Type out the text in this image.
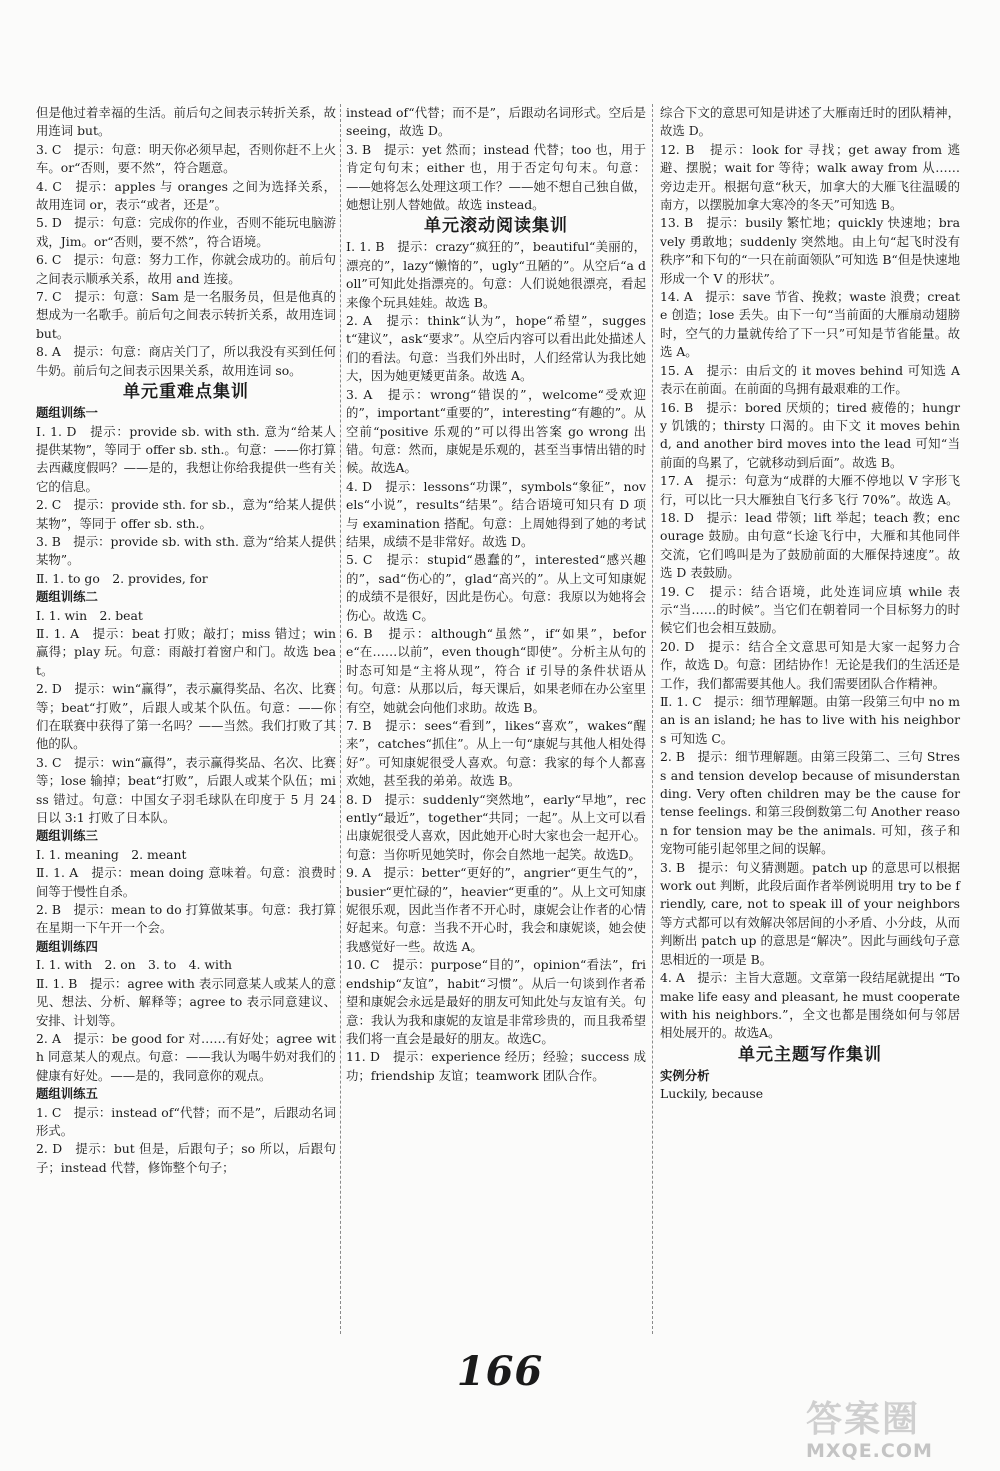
但是他过着幸福的生活。前后句之间表示转折关系，故用连词 but。

3. C　提示：句意：明天你必须早起，否则你赶不上火车。or“否则，要不然”，符合题意。

4. C　提示：apples 与 oranges 之间为选择关系，故用连词 or，表示“或者，还是”。

5. D　提示：句意：完成你的作业，否则不能玩电脑游戏，Jim。or“否则，要不然”，符合语境。

6. C　提示：句意：努力工作，你就会成功的。前后句之间表示顺承关系，故用 and 连接。

7. C　提示：句意：Sam 是一名服务员，但是他真的想成为一名歌手。前后句之间表示转折关系，故用连词 but。

8. A　提示：句意：商店关门了，所以我没有买到任何牛奶。前后句之间表示因果关系，故用连词 so。

单元重难点集训
题组训练一

Ⅰ. 1. D　提示：provide sb. with sth. 意为“给某人提供某物”，等同于 offer sb. sth.。句意：——你打算去西藏度假吗？——是的，我想让你给我提供一些有关它的信息。

2. C　提示：provide sth. for sb.，意为“给某人提供某物”，等同于 offer sb. sth.。

3. B　提示：provide sb. with sth. 意为“给某人提供某物”。

Ⅱ. 1. to go　2. provides, for

题组训练二

Ⅰ. 1. win　2. beat

Ⅱ. 1. A　提示：beat 打败；敲打；miss 错过；win 赢得；play 玩。句意：雨敲打着窗户和门。故选 beat。

2. D　提示：win“赢得”，表示赢得奖品、名次、比赛等；beat“打败”，后跟人或某个队伍。句意：——你们在联赛中获得了第一名吗？——当然。我们打败了其他的队。

3. C　提示：win“赢得”，表示赢得奖品、名次、比赛等；lose 输掉；beat“打败”，后跟人或某个队伍；miss 错过。句意：中国女子羽毛球队在印度于 5 月 24 日以 3:1 打败了日本队。

题组训练三

Ⅰ. 1. meaning　2. meant

Ⅱ. 1. A　提示：mean doing 意味着。句意：浪费时间等于慢性自杀。

2. B　提示：mean to do 打算做某事。句意：我打算在星期一下午开一个会。

题组训练四

Ⅰ. 1. with　2. on　3. to　4. with

Ⅱ. 1. B　提示：agree with 表示同意某人或某人的意见、想法、分析、解释等；agree to 表示同意建议、安排、计划等。

2. A　提示：be good for 对……有好处；agree with 同意某人的观点。句意：——我认为喝牛奶对我们的健康有好处。——是的，我同意你的观点。

题组训练五

1. C　提示：instead of“代替；而不是”，后跟动名词形式。

2. D　提示：but 但是，后跟句子；so 所以，后跟句子；instead 代替，修饰整个句子；

instead of“代替；而不是”，后跟动名词形式。空后是 seeing，故选 D。

3. B　提示：yet 然而；instead 代替；too 也，用于肯定句句末；either 也，用于否定句句末。句意：——她将怎么处理这项工作？——她不想自己独自做，她想让别人替她做。故选 instead。

单元滚动阅读集训

Ⅰ. 1. B　提示：crazy“疯狂的”，beautiful“美丽的，漂亮的”，lazy“懒惰的”，ugly“丑陋的”。从空后“a doll”可知此处指漂亮的。句意：人们说她很漂亮，看起来像个玩具娃娃。故选 B。

2. A　提示：think“认为”，hope“希望”，suggest“建议”，ask“要求”。从空后内容可以看出此处描述人们的看法。句意：当我们外出时，人们经常认为我比她大，因为她更矮更苗条。故选 A。

3. A　提示：wrong“错误的”，welcome“受欢迎的”，important“重要的”，interesting“有趣的”。从空前“positive 乐观的”可以得出答案 go wrong 出错。句意：然而，康妮是乐观的，甚至当事情出错的时候。故选A。

4. D　提示：lessons“功课”，symbols“象征”，novels“小说”，results“结果”。结合语境可知只有 D 项与 examination 搭配。句意：上周她得到了她的考试结果，成绩不是非常好。故选 D。

5. C　提示：stupid“愚蠢的”，interested“感兴趣的”，sad“伤心的”，glad“高兴的”。从上文可知康妮的成绩不是很好，因此是伤心。句意：我原以为她将会伤心。故选 C。

6. B　提示：although“虽然”，if“如果”，before“在……以前”，even though“即使”。分析主从句的时态可知是“主将从现”，符合 if 引导的条件状语从句。句意：从那以后，每天课后，如果老师在办公室里有空，她就会向他们求助。故选 B。

7. B　提示：sees“看到”，likes“喜欢”，wakes“醒来”，catches“抓住”。从上一句“康妮与其他人相处得好”。可知康妮很受人喜欢。句意：我家的每个人都喜欢她，甚至我的弟弟。故选 B。

8. D　提示：suddenly“突然地”，early“早地”，recently“最近”，together“共同；一起”。从上文可以看出康妮很受人喜欢，因此她开心时大家也会一起开心。句意：当你听见她笑时，你会自然地一起笑。故选D。

9. A　提示：better“更好的”，angrier“更生气的”，busier“更忙碌的”，heavier“更重的”。从上文可知康妮很乐观，因此当作者不开心时，康妮会让作者的心情好起来。句意：当我不开心时，我会和康妮谈，她会使我感觉好一些。故选 A。

10. C　提示：purpose“目的”，opinion“看法”，friendship“友谊”，habit“习惯”。从后一句谈到作者希望和康妮会永远是最好的朋友可知此处与友谊有关。句意：我认为我和康妮的友谊是非常珍贵的，而且我希望我们将一直会是最好的朋友。故选C。

11. D　提示：experience 经历；经验；success 成功；friendship 友谊；teamwork 团队合作。

综合下文的意思可知是讲述了大雁南迁时的团队精神，故选 D。

12. B　提示：look for 寻找；get away from 逃避、摆脱；wait for 等待；walk away from 从……旁边走开。根据句意“秋天，加拿大的大雁飞往温暖的南方，以摆脱加拿大寒冷的冬天”可知选 B。

13. B　提示：busily 繁忙地；quickly 快速地；bravely 勇敢地；suddenly 突然地。由上句“起飞时没有秩序”和下句的“一只在前面领队”可知选 B“但是快速地形成一个 V 的形状”。

14. A　提示：save 节省、挽救；waste 浪费；create 创造；lose 丢失。由下一句“当前面的大雁扇动翅膀时，空气的力量就传给了下一只”可知是节省能量。故选 A。

15. A　提示：由后文的 it moves behind 可知选 A 表示在前面。在前面的鸟拥有最艰难的工作。

16. B　提示：bored 厌烦的；tired 疲倦的；hungry 饥饿的；thirsty 口渴的。由下文 it moves behind, and another bird moves into the lead 可知“当前面的鸟累了，它就移动到后面”。故选 B。

17. A　提示：句意为“成群的大雁不停地以 V 字形飞行，可以比一只大雁独自飞行多飞行 70%”。故选 A。

18. D　提示：lead 带领；lift 举起；teach 教；encourage 鼓励。由句意“长途飞行中，大雁和其他同伴交流，它们鸣叫是为了鼓励前面的大雁保持速度”。故选 D 表鼓励。

19. C　提示：结合语境，此处连词应填 while 表示“当……的时候”。当它们在朝着同一个目标努力的时候它们也会相互鼓励。

20. D　提示：结合全文意思可知是大家一起努力合作，故选 D。句意：团结协作！无论是我们的生活还是工作，我们都需要其他人。我们需要团队合作精神。

Ⅱ. 1. C　提示：细节理解题。由第一段第三句中 no man is an island; he has to live with his neighbors 可知选 C。

2. B　提示：细节理解题。由第三段第二、三句 Stress and tension develop because of misunderstanding. Very often children may be the cause for tense feelings. 和第三段倒数第二句 Another reason for tension may be the animals. 可知，孩子和宠物可能引起邻里之间的误解。

3. B　提示：句义猜测题。patch up 的意思可以根据 work out 判断，此段后面作者举例说明用 try to be friendly, care, not to speak ill of your neighbors 等方式都可以有效解决邻居间的小矛盾、小分歧，从而判断出 patch up 的意思是“解决”。因此与画线句子意思相近的一项是 B。

4. A　提示：主旨大意题。文章第一段结尾就提出 “To make life easy and pleasant, he must cooperate with his neighbors.”，全文也都是围绕如何与邻居相处展开的。故选A。

单元主题写作集训
实例分析

Luckily, because

166
答案圈
MXQE.COM
